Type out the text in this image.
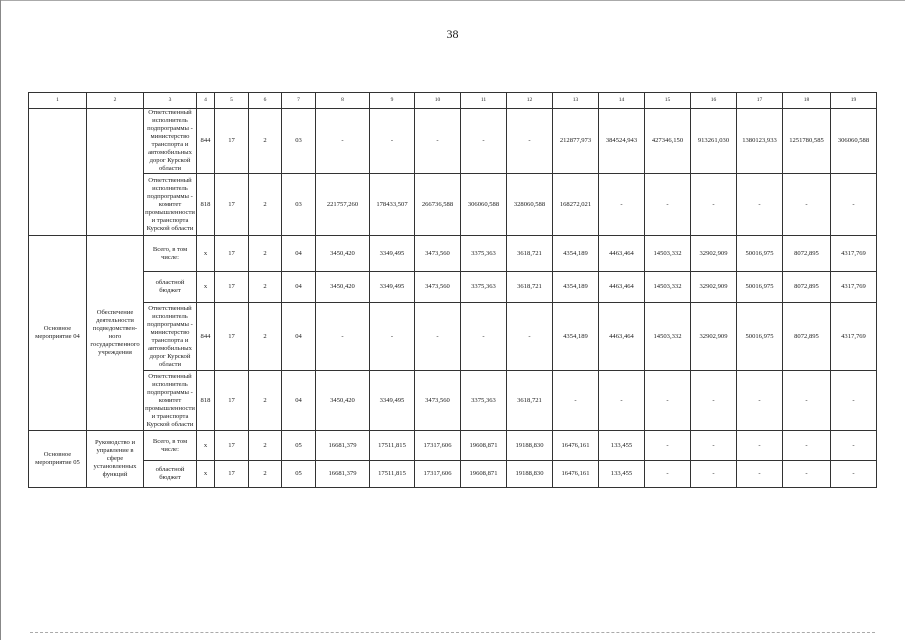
38
1	2	3	4	5	6	7	8	9	10	11	12	13	14	15	16	17	18	19
		Ответственный исполнитель подпрограммы - министерство транспорта и автомобильных дорог Курской области	844	17	2	03	-	-	-	-	-	212877,973	384524,943	427346,150	913261,030	1380123,933	1251780,585	306060,588
		Ответственный исполнитель подпрограммы - комитет промышленности и транспорта Курской области	818	17	2	03	221757,260	178433,507	266736,588	306060,588	328060,588	168272,021	-	-	-	-	-	-
Основное мероприятие 04	Обеспечение деятельности подведомствен-ного государственного учреждения	Всего, в том числе:	x	17	2	04	3450,420	3349,495	3473,560	3375,363	3618,721	4354,189	4463,464	14503,332	32902,909	50016,975	8072,895	4317,769
		областной бюджет	x	17	2	04	3450,420	3349,495	3473,560	3375,363	3618,721	4354,189	4463,464	14503,332	32902,909	50016,975	8072,895	4317,769
		Ответственный исполнитель подпрограммы - министерство транспорта и автомобильных дорог Курской области	844	17	2	04	-	-	-	-	-	4354,189	4463,464	14503,332	32902,909	50016,975	8072,895	4317,769
		Ответственный исполнитель подпрограммы - комитет промышленности и транспорта Курской области	818	17	2	04	3450,420	3349,495	3473,560	3375,363	3618,721	-	-	-	-	-	-	-
Основное мероприятие 05	Руководство и управление в сфере установленных функций	Всего, в том числе:	x	17	2	05	16681,379	17511,815	17317,606	19608,871	19188,830	16476,161	133,455	-	-	-	-	-
		областной бюджет	x	17	2	05	16681,379	17511,815	17317,606	19608,871	19188,830	16476,161	133,455	-	-	-	-	-
